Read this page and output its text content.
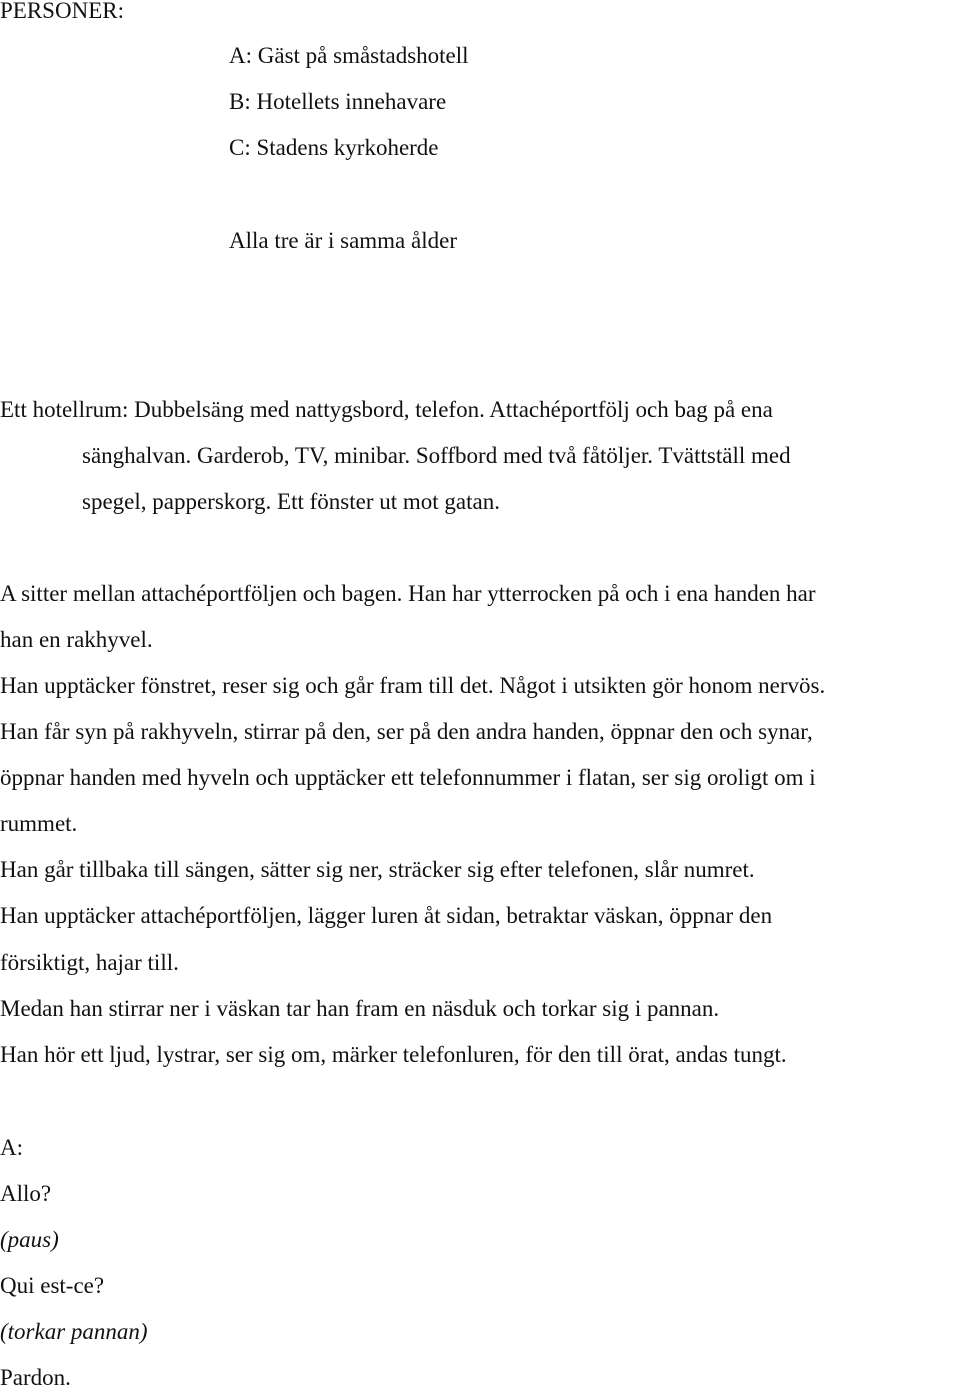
PERSONER:
A: Gäst på småstadshotell
B: Hotellets innehavare
C: Stadens kyrkoherde
Alla tre är i samma ålder
Ett hotellrum: Dubbelsäng med nattygsbord, telefon. Attachéportfölj och bag på ena
sänghalvan. Garderob, TV, minibar. Soffbord med två fåtöljer. Tvättställ med
spegel, papperskorg. Ett fönster ut mot gatan.
A sitter mellan attachéportföljen och bagen. Han har ytterrocken på och i ena handen har
han en rakhyvel.
Han upptäcker fönstret, reser sig och går fram till det. Något i utsikten gör honom nervös.
Han får syn på rakhyveln, stirrar på den, ser på den andra handen, öppnar den och synar,
öppnar handen med hyveln och upptäcker ett telefonnummer i flatan, ser sig oroligt om i
rummet.
Han går tillbaka till sängen, sätter sig ner, sträcker sig efter telefonen, slår numret.
Han upptäcker attachéportföljen, lägger luren åt sidan, betraktar väskan, öppnar den
försiktigt, hajar till.
Medan han stirrar ner i väskan tar han fram en näsduk och torkar sig i pannan.
Han hör ett ljud, lystrar, ser sig om, märker telefonluren, för den till örat, andas tungt.
A:
Allo?
(paus)
Qui est-ce?
(torkar pannan)
Pardon.
